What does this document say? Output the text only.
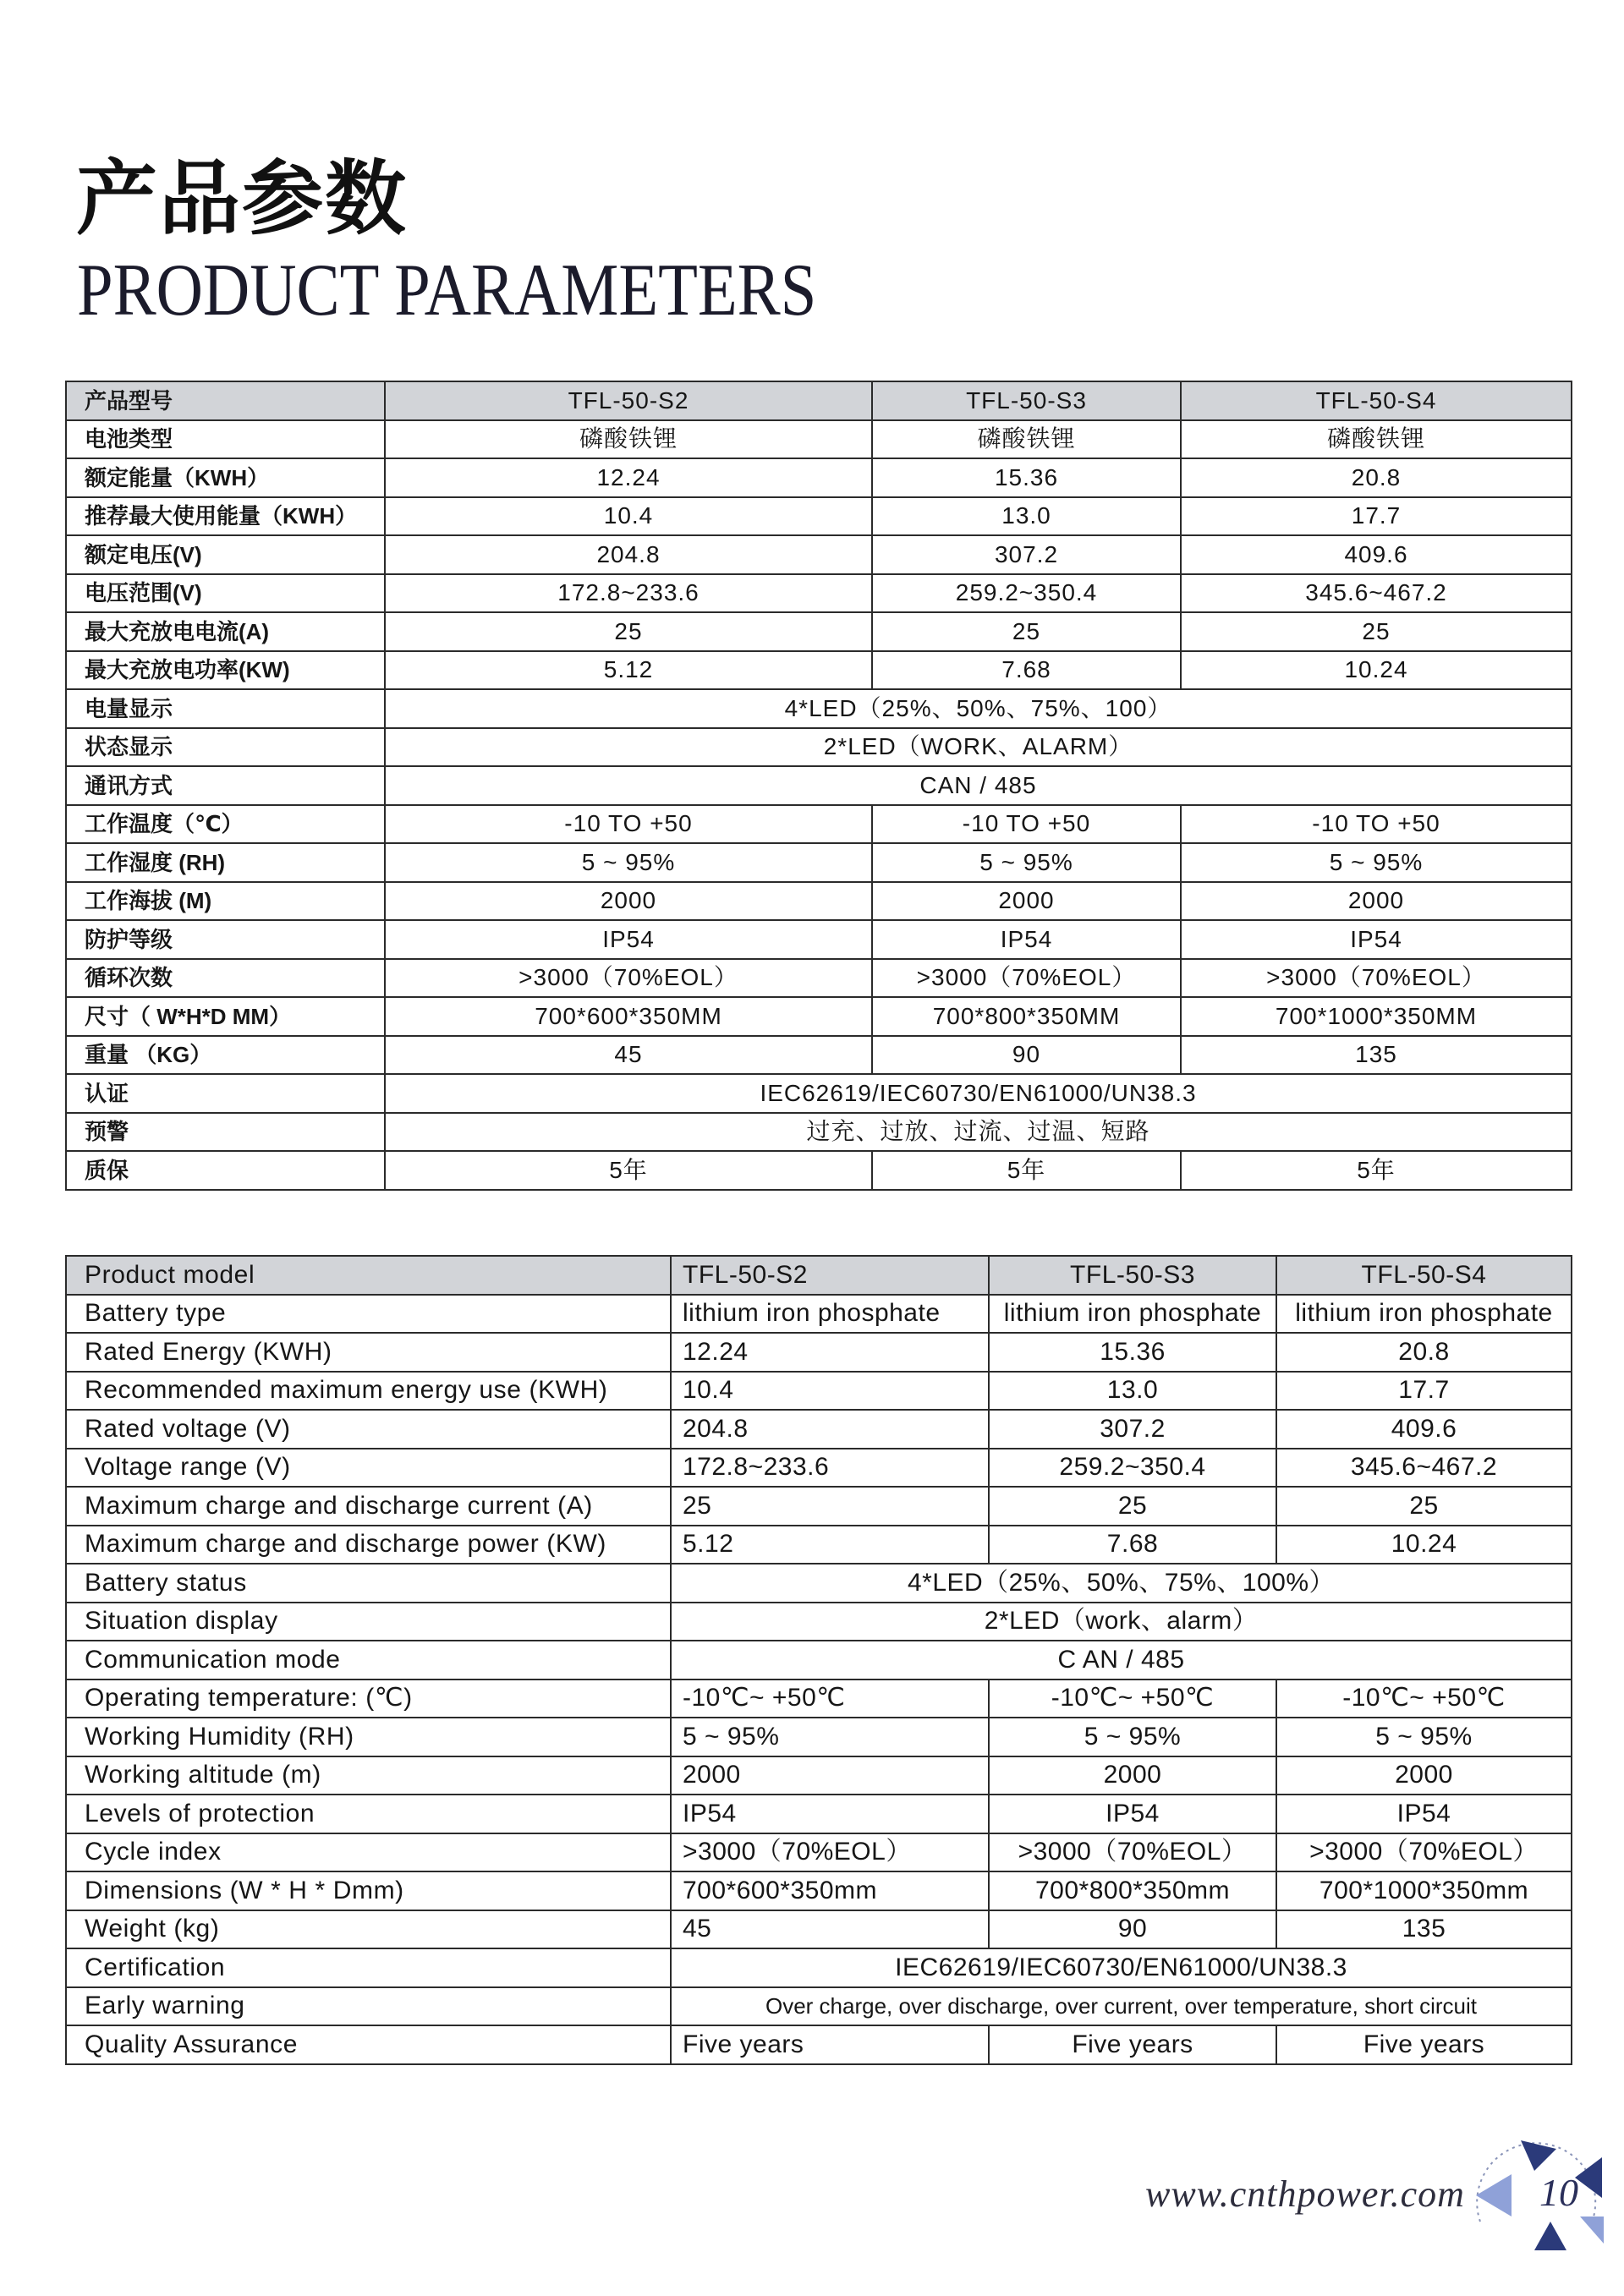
产品参数
PRODUCT PARAMETERS
产品型号	TFL-50-S2	TFL-50-S3	TFL-50-S4
电池类型	磷酸铁锂	磷酸铁锂	磷酸铁锂
额定能量（KWH）	12.24	15.36	20.8
推荐最大使用能量（KWH）	10.4	13.0	17.7
额定电压(V)	204.8	307.2	409.6
电压范围(V)	172.8~233.6	259.2~350.4	345.6~467.2
最大充放电电流(A)	25	25	25
最大充放电功率(KW)	5.12	7.68	10.24
电量显示	4*LED（25%、50%、75%、100）		
状态显示	2*LED（WORK、ALARM）		
通讯方式	CAN / 485		
工作温度（℃）	-10 TO +50	-10 TO +50	-10 TO +50
工作湿度 (RH)	5 ~ 95%	5 ~ 95%	5 ~ 95%
工作海拔 (M)	2000	2000	2000
防护等级	IP54	IP54	IP54
循环次数	>3000（70%EOL）	>3000（70%EOL）	>3000（70%EOL）
尺寸（ W*H*D MM）	700*600*350MM	700*800*350MM	700*1000*350MM
重量 （KG）	45	90	135
认证	IEC62619/IEC60730/EN61000/UN38.3		
预警	过充、过放、过流、过温、短路		
质保	5年	5年	5年
Product model	TFL-50-S2	TFL-50-S3	TFL-50-S4
Battery type	lithium iron phosphate	lithium iron phosphate	lithium iron phosphate
Rated Energy (KWH)	12.24	15.36	20.8
Recommended maximum energy use (KWH)	10.4	13.0	17.7
Rated voltage (V)	204.8	307.2	409.6
Voltage range (V)	172.8~233.6	259.2~350.4	345.6~467.2
Maximum charge and discharge current (A)	25	25	25
Maximum charge and discharge power (KW)	5.12	7.68	10.24
Battery status	4*LED（25%、50%、75%、100%）		
Situation display	2*LED（work、alarm）		
Communication mode	C AN / 485		
Operating temperature: (℃)	-10℃~ +50℃	-10℃~ +50℃	-10℃~ +50℃
Working Humidity (RH)	5 ~ 95%	5 ~ 95%	5 ~ 95%
Working altitude (m)	2000	2000	2000
Levels of protection	IP54	IP54	IP54
Cycle index	>3000（70%EOL）	>3000（70%EOL）	>3000（70%EOL）
Dimensions (W * H * Dmm)	700*600*350mm	700*800*350mm	700*1000*350mm
Weight (kg)	45	90	135
Certification	IEC62619/IEC60730/EN61000/UN38.3		
Early warning	Over charge, over discharge, over current, over temperature, short circuit		
Quality Assurance	Five years	Five years	Five years
www.cnthpower.com 10
